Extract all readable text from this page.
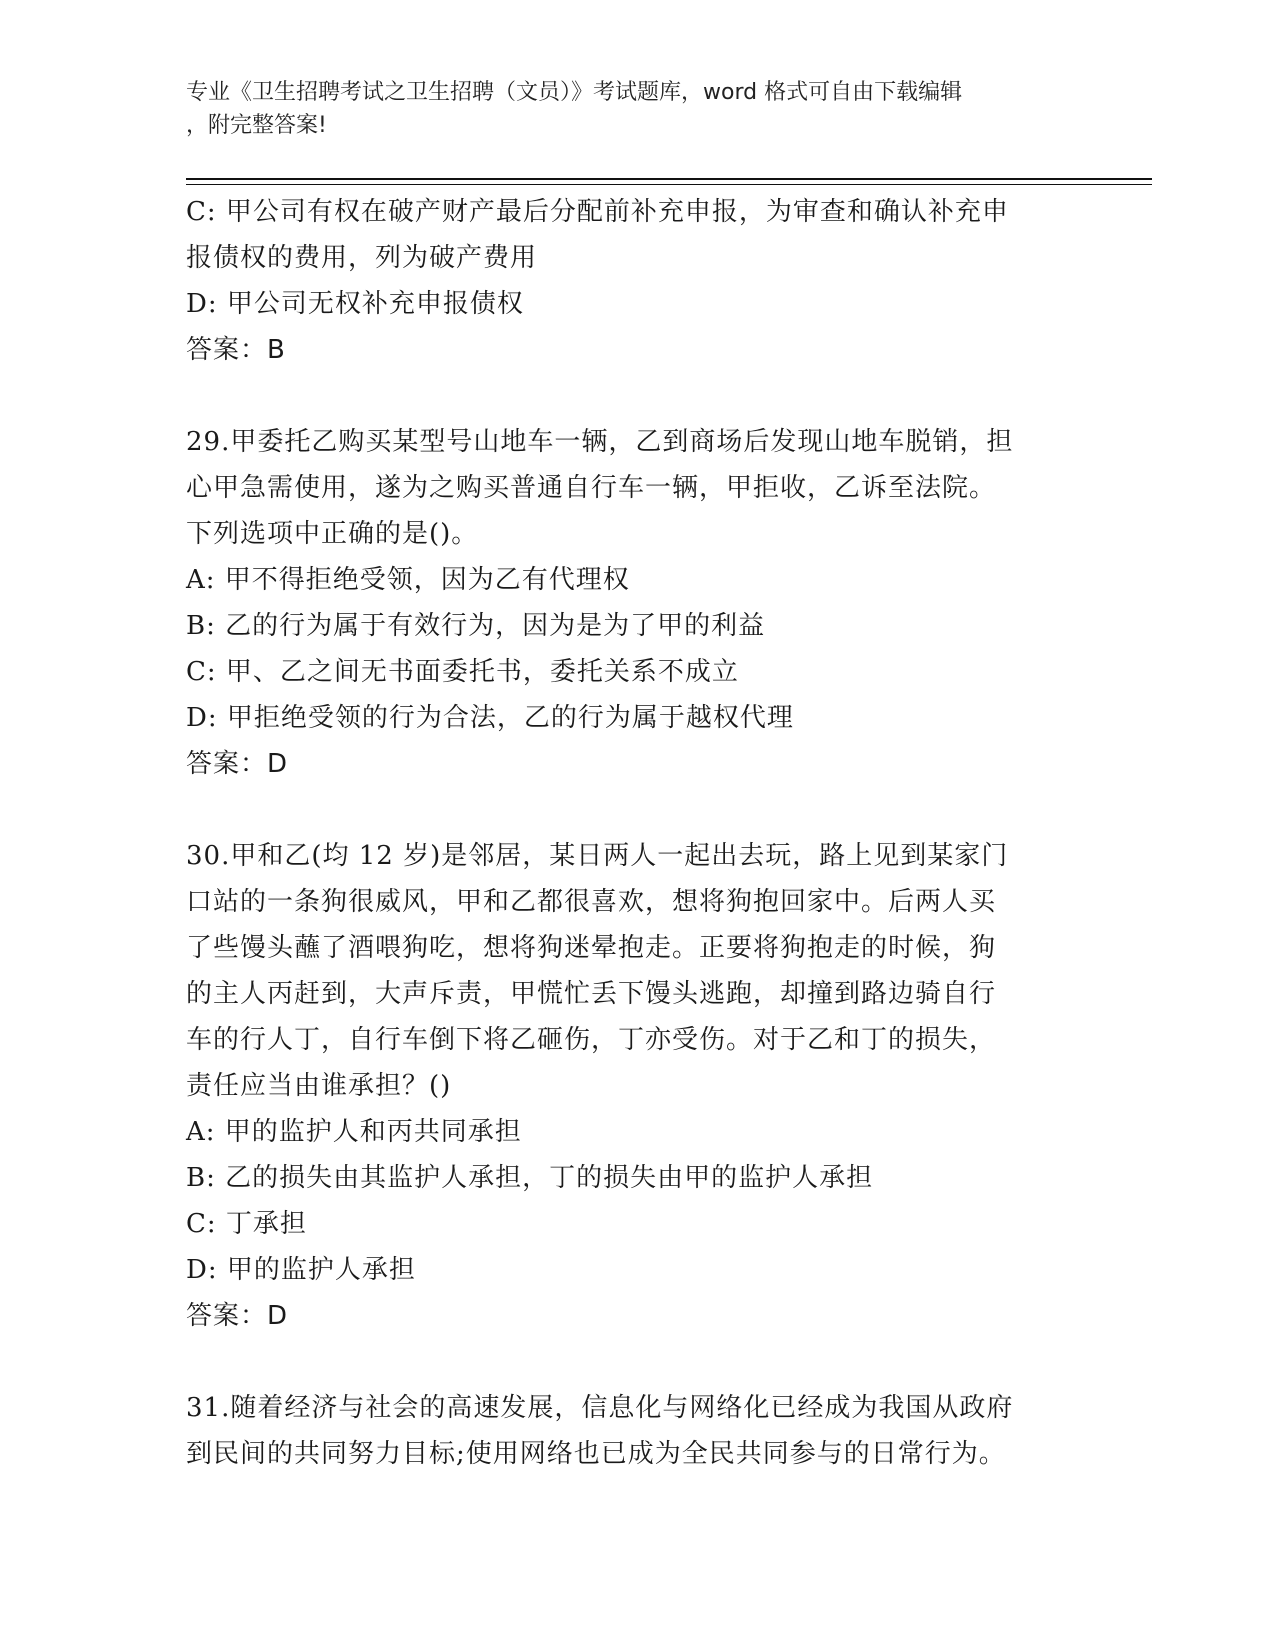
专业《卫生招聘考试之卫生招聘（文员）》考试题库，word 格式可自由下载编辑
，附完整答案!
C: 甲公司有权在破产财产最后分配前补充申报，为审查和确认补充申
报债权的费用，列为破产费用
D: 甲公司无权补充申报债权
答案：B
29.甲委托乙购买某型号山地车一辆，乙到商场后发现山地车脱销，担
心甲急需使用，遂为之购买普通自行车一辆，甲拒收，乙诉至法院。
下列选项中正确的是()。
A: 甲不得拒绝受领，因为乙有代理权
B: 乙的行为属于有效行为，因为是为了甲的利益
C: 甲、乙之间无书面委托书，委托关系不成立
D: 甲拒绝受领的行为合法，乙的行为属于越权代理
答案：D
30.甲和乙(均 12 岁)是邻居，某日两人一起出去玩，路上见到某家门
口站的一条狗很威风，甲和乙都很喜欢，想将狗抱回家中。后两人买
了些馒头蘸了酒喂狗吃，想将狗迷晕抱走。正要将狗抱走的时候，狗
的主人丙赶到，大声斥责，甲慌忙丢下馒头逃跑，却撞到路边骑自行
车的行人丁，自行车倒下将乙砸伤，丁亦受伤。对于乙和丁的损失，
责任应当由谁承担？()
A: 甲的监护人和丙共同承担
B: 乙的损失由其监护人承担，丁的损失由甲的监护人承担
C: 丁承担
D: 甲的监护人承担
答案：D
31.随着经济与社会的高速发展，信息化与网络化已经成为我国从政府
到民间的共同努力目标;使用网络也已成为全民共同参与的日常行为。
